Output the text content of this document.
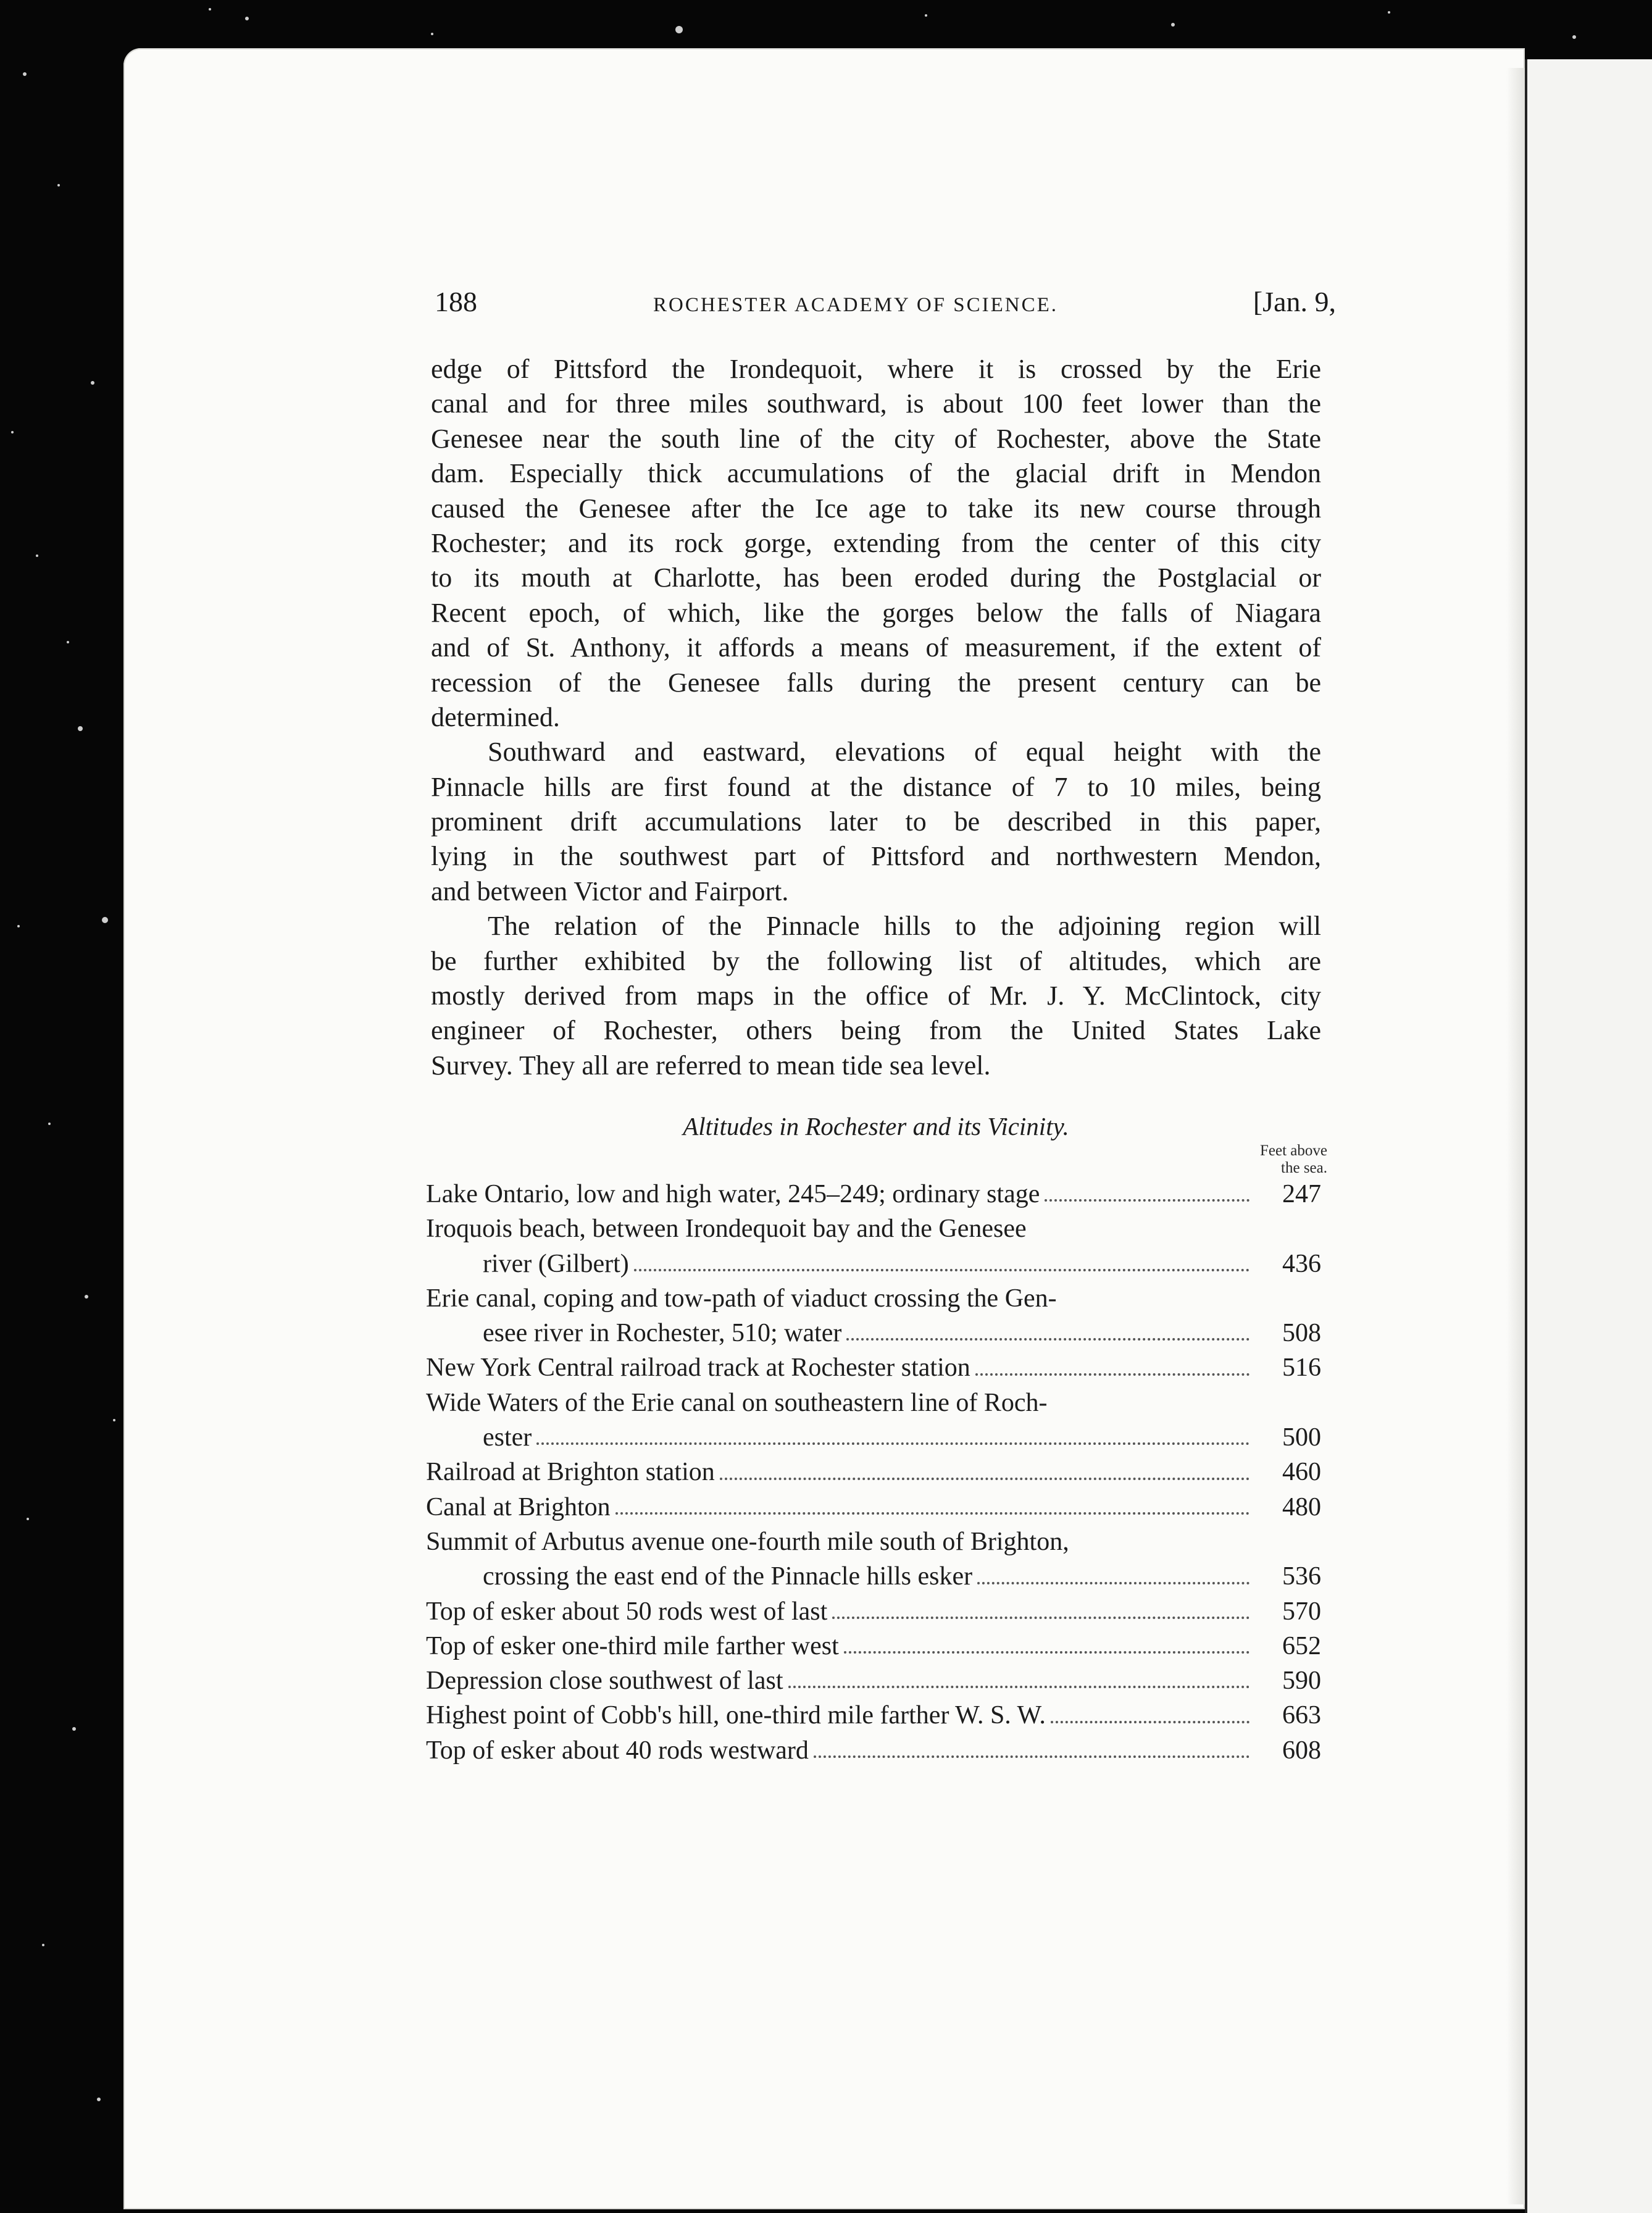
188	ROCHESTER ACADEMY OF SCIENCE.	[Jan. 9,
edge of Pittsford the Irondequoit, where it is crossed by the Erie
canal and for three miles southward, is about 100 feet lower than the
Genesee near the south line of the city of Rochester, above the State
dam. Especially thick accumulations of the glacial drift in Mendon
caused the Genesee after the Ice age to take its new course through
Rochester; and its rock gorge, extending from the center of this city
to its mouth at Charlotte, has been eroded during the Postglacial or
Recent epoch, of which, like the gorges below the falls of Niagara
and of St. Anthony, it affords a means of measurement, if the extent of
recession of the Genesee falls during the present century can be
determined.
Southward and eastward, elevations of equal height with the
Pinnacle hills are first found at the distance of 7 to 10 miles, being
prominent drift accumulations later to be described in this paper,
lying in the southwest part of Pittsford and northwestern Mendon,
and between Victor and Fairport.
The relation of the Pinnacle hills to the adjoining region will
be further exhibited by the following list of altitudes, which are
mostly derived from maps in the office of Mr. J. Y. McClintock, city
engineer of Rochester, others being from the United States Lake
Survey. They all are referred to mean tide sea level.
Altitudes in Rochester and its Vicinity.
Feet above
the sea.
Lake Ontario, low and high water, 245–249; ordinary stage	247
Iroquois beach, between Irondequoit bay and the Genesee
river (Gilbert)	436
Erie canal, coping and tow-path of viaduct crossing the Gen-
esee river in Rochester, 510; water	508
New York Central railroad track at Rochester station	516
Wide Waters of the Erie canal on southeastern line of Roch-
ester	500
Railroad at Brighton station	460
Canal at Brighton	480
Summit of Arbutus avenue one-fourth mile south of Brighton,
crossing the east end of the Pinnacle hills esker	536
Top of esker about 50 rods west of last	570
Top of esker one-third mile farther west	652
Depression close southwest of last	590
Highest point of Cobb's hill, one-third mile farther W. S. W.	663
Top of esker about 40 rods westward	608
